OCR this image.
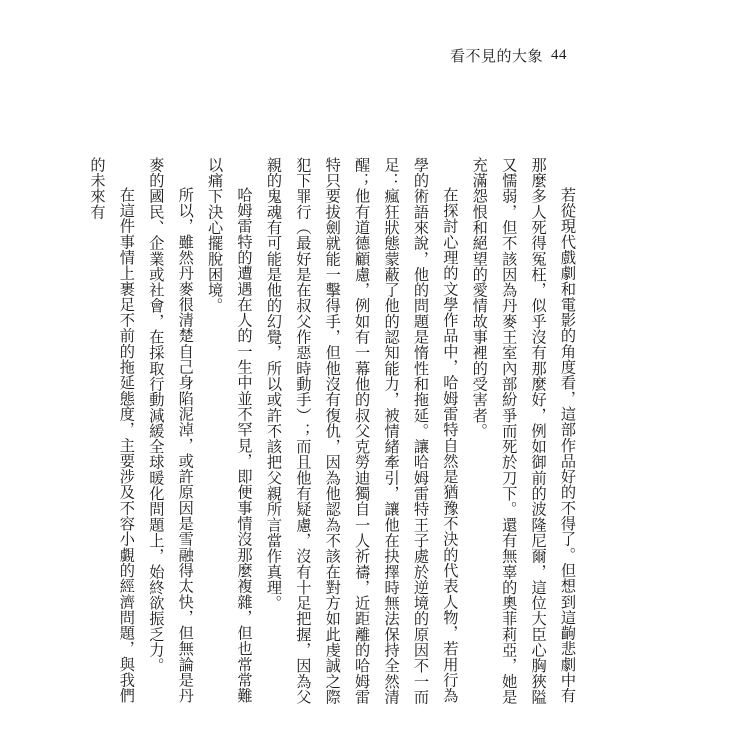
看不見的大象 44

若從現代戲劇和電影的角度看，這部作品好的不得了。但想到這齣悲劇中有那麼多人死得冤枉，似乎沒有那麼好，例如御前的波隆尼爾，這位大臣心胸狹隘又懦弱，但不該因為丹麥王室內部紛爭而死於刀下。還有無辜的奧菲莉亞，她是充滿怨恨和絕望的愛情故事裡的受害者。

在探討心理的文學作品中，哈姆雷特自然是猶豫不決的代表人物，若用行為學的術語來說，他的問題是惰性和拖延。讓哈姆雷特王子處於逆境的原因不一而足：瘋狂狀態蒙蔽了他的認知能力，被情緒牽引，讓他在抉擇時無法保持全然清醒；他有道德顧慮，例如有一幕他的叔父克勞迪獨自一人祈禱，近距離的哈姆雷特只要拔劍就能一擊得手，但他沒有復仇，因為他認為不該在對方如此虔誠之際犯下罪行（最好是在叔父作惡時動手）；而且他有疑慮，沒有十足把握，因為父親的鬼魂有可能是他的幻覺，所以或許不該把父親所言當作真理。

哈姆雷特的遭遇在人的一生中並不罕見，即便事情沒那麼複雜，但也常常難以痛下決心擺脫困境。

所以，雖然丹麥很清楚自己身陷泥淖，或許原因是雪融得太快，但無論是丹麥的國民、企業或社會，在採取行動減緩全球暖化問題上，始終欲振乏力。

在這件事情上裹足不前的拖延態度，主要涉及不容小覷的經濟問題，與我們的未來有
